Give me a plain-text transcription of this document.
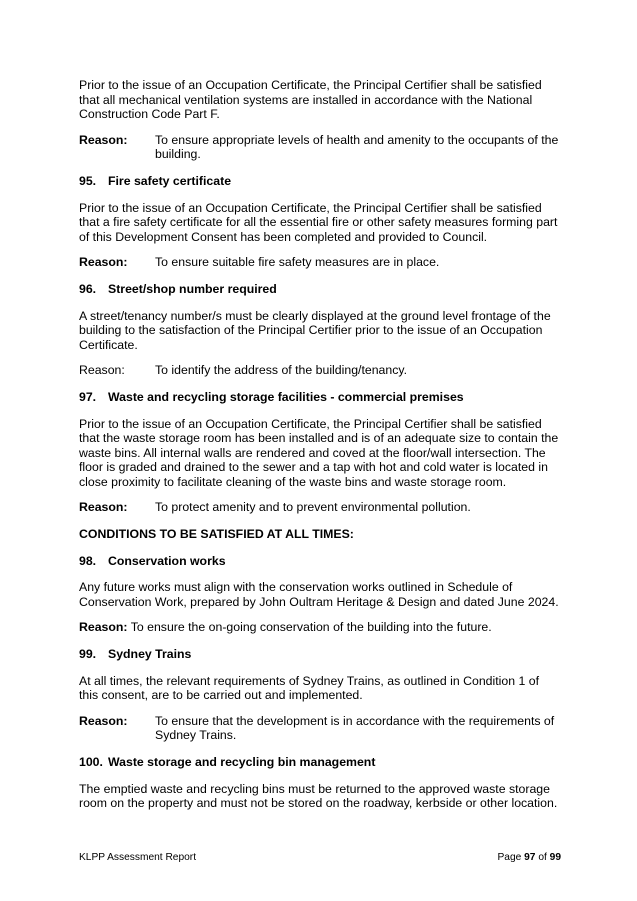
Prior to the issue of an Occupation Certificate, the Principal Certifier shall be satisfied that all mechanical ventilation systems are installed in accordance with the National Construction Code Part F.

Reason:	To ensure appropriate levels of health and amenity to the occupants of the building.
95. Fire safety certificate

Prior to the issue of an Occupation Certificate, the Principal Certifier shall be satisfied that a fire safety certificate for all the essential fire or other safety measures forming part of this Development Consent has been completed and provided to Council.

Reason:	To ensure suitable fire safety measures are in place.
96. Street/shop number required

A street/tenancy number/s must be clearly displayed at the ground level frontage of the building to the satisfaction of the Principal Certifier prior to the issue of an Occupation Certificate.

Reason:	To identify the address of the building/tenancy.
97. Waste and recycling storage facilities - commercial premises

Prior to the issue of an Occupation Certificate, the Principal Certifier shall be satisfied that the waste storage room has been installed and is of an adequate size to contain the waste bins. All internal walls are rendered and coved at the floor/wall intersection. The floor is graded and drained to the sewer and a tap with hot and cold water is located in close proximity to facilitate cleaning of the waste bins and waste storage room.

Reason:	To protect amenity and to prevent environmental pollution.
CONDITIONS TO BE SATISFIED AT ALL TIMES:
98. Conservation works

Any future works must align with the conservation works outlined in Schedule of Conservation Work, prepared by John Oultram Heritage & Design and dated June 2024.

Reason: To ensure the on-going conservation of the building into the future.

99. Sydney Trains

At all times, the relevant requirements of Sydney Trains, as outlined in Condition 1 of this consent, are to be carried out and implemented.

Reason:	To ensure that the development is in accordance with the requirements of Sydney Trains.
100. Waste storage and recycling bin management

The emptied waste and recycling bins must be returned to the approved waste storage room on the property and must not be stored on the roadway, kerbside or other location.

KLPP Assessment Report	Page 97 of 99
